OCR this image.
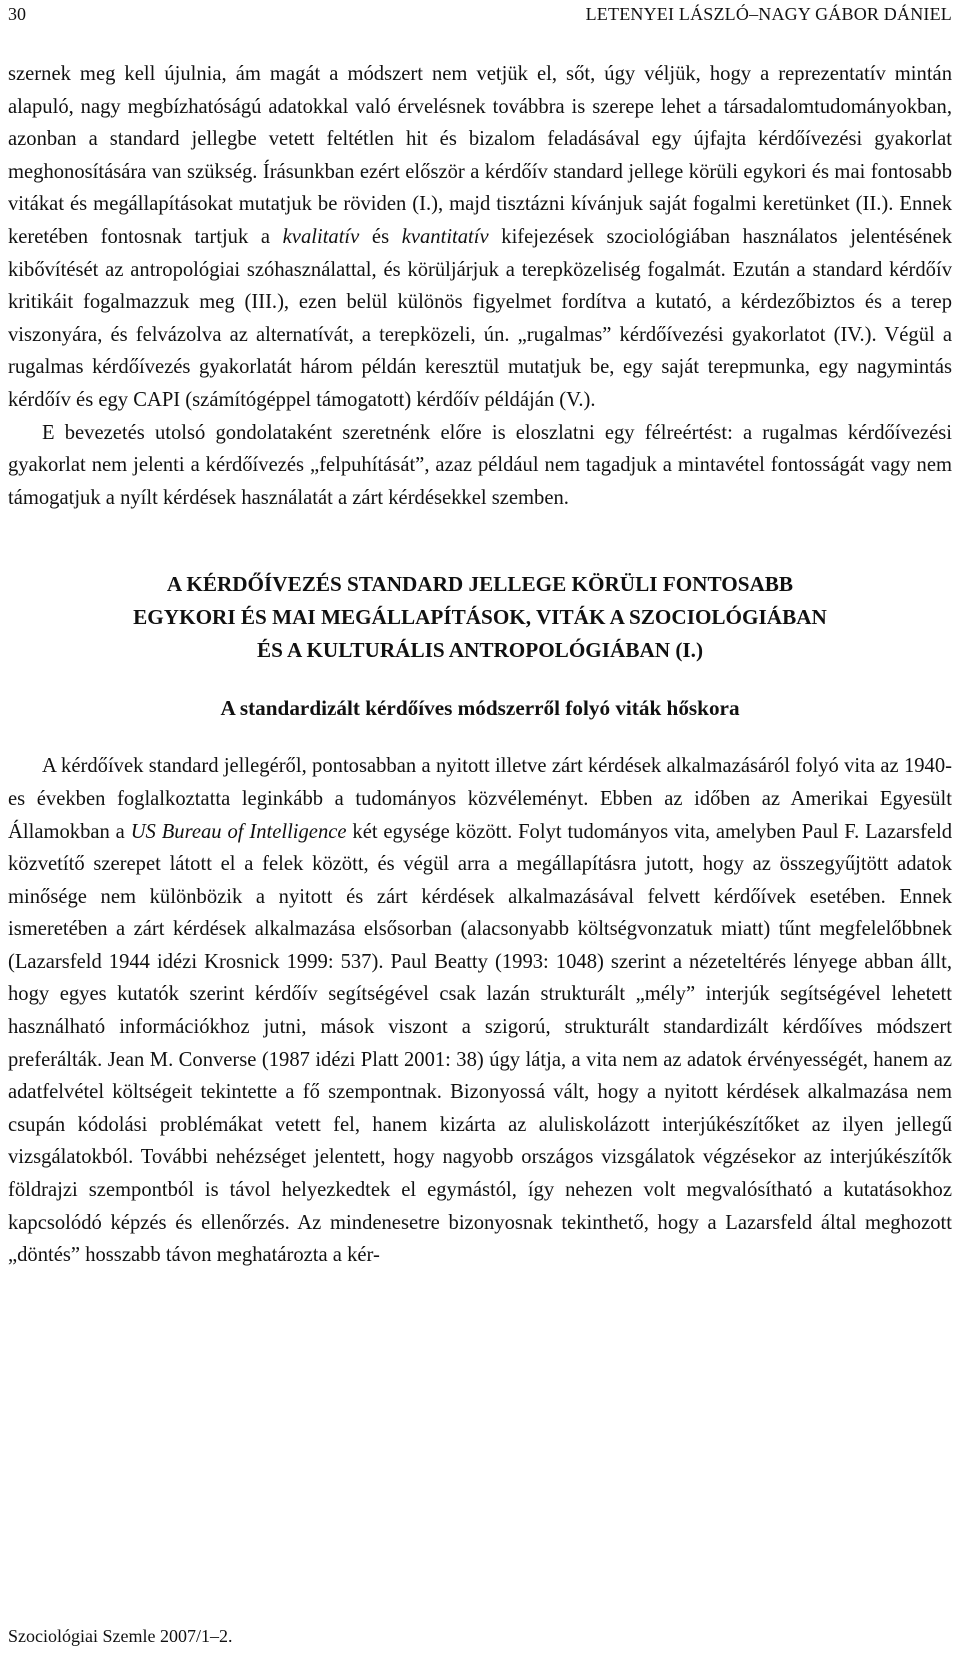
30	LETENYEI LÁSZLÓ–NAGY GÁBOR DÁNIEL

szernek meg kell újulnia, ám magát a módszert nem vetjük el, sőt, úgy véljük, hogy a reprezentatív mintán alapuló, nagy megbízhatóságú adatokkal való érvelésnek továbbra is szerepe lehet a társadalomtudományokban, azonban a standard jellegbe vetett feltétlen hit és bizalom feladásával egy újfajta kérdőívezési gyakorlat meghonosítására van szükség. Írásunkban ezért először a kérdőív standard jellege körüli egykori és mai fontosabb vitákat és megállapításokat mutatjuk be röviden (I.), majd tisztázni kívánjuk saját fogalmi keretünket (II.). Ennek keretében fontosnak tartjuk a kvalitatív és kvantitatív kifejezések szociológiában használatos jelentésének kibővítését az antropológiai szóhasználattal, és körüljárjuk a terepközeliség fogalmát. Ezután a standard kérdőív kritikáit fogalmazzuk meg (III.), ezen belül különös figyelmet fordítva a kutató, a kérdezőbiztos és a terep viszonyára, és felvázolva az alternatívát, a terepközeli, ún. „rugalmas” kérdőívezési gyakorlatot (IV.). Végül a rugalmas kérdőívezés gyakorlatát három példán keresztül mutatjuk be, egy saját terepmunka, egy nagymintás kérdőív és egy CAPI (számítógéppel támogatott) kérdőív példáján (V.).

E bevezetés utolsó gondolataként szeretnénk előre is eloszlatni egy félreértést: a rugalmas kérdőívezési gyakorlat nem jelenti a kérdőívezés „felpuhítását”, azaz például nem tagadjuk a mintavétel fontosságát vagy nem támogatjuk a nyílt kérdések használatát a zárt kérdésekkel szemben.

A KÉRDŐÍVEZÉS STANDARD JELLEGE KÖRÜLI FONTOSABB
EGYKORI ÉS MAI MEGÁLLAPÍTÁSOK, VITÁK A SZOCIOLÓGIÁBAN
ÉS A KULTURÁLIS ANTROPOLÓGIÁBAN (I.)
A standardizált kérdőíves módszerről folyó viták hőskora

A kérdőívek standard jellegéről, pontosabban a nyitott illetve zárt kérdések alkalmazásáról folyó vita az 1940-es években foglalkoztatta leginkább a tudományos közvéleményt. Ebben az időben az Amerikai Egyesült Államokban a US Bureau of Intelligence két egysége között. Folyt tudományos vita, amelyben Paul F. Lazarsfeld közvetítő szerepet látott el a felek között, és végül arra a megállapításra jutott, hogy az összegyűjtött adatok minősége nem különbözik a nyitott és zárt kérdések alkalmazásával felvett kérdőívek esetében. Ennek ismeretében a zárt kérdések alkalmazása elsősorban (alacsonyabb költségvonzatuk miatt) tűnt megfelelőbbnek (Lazarsfeld 1944 idézi Krosnick 1999: 537). Paul Beatty (1993: 1048) szerint a nézeteltérés lényege abban állt, hogy egyes kutatók szerint kérdőív segítségével csak lazán strukturált „mély” interjúk segítségével lehetett használható információkhoz jutni, mások viszont a szigorú, strukturált standardizált kérdőíves módszert preferálták. Jean M. Converse (1987 idézi Platt 2001: 38) úgy látja, a vita nem az adatok érvényességét, hanem az adatfelvétel költségeit tekintette a fő szempontnak. Bizonyossá vált, hogy a nyitott kérdések alkalmazása nem csupán kódolási problémákat vetett fel, hanem kizárta az aluliskolázott interjúkészítőket az ilyen jellegű vizsgálatokból. További nehézséget jelentett, hogy nagyobb országos vizsgálatok végzésekor az interjúkészítők földrajzi szempontból is távol helyezkedtek el egymástól, így nehezen volt megvalósítható a kutatásokhoz kapcsolódó képzés és ellenőrzés. Az mindenesetre bizonyosnak tekinthető, hogy a Lazarsfeld által meghozott „döntés” hosszabb távon meghatározta a kér-

Szociológiai Szemle 2007/1–2.
